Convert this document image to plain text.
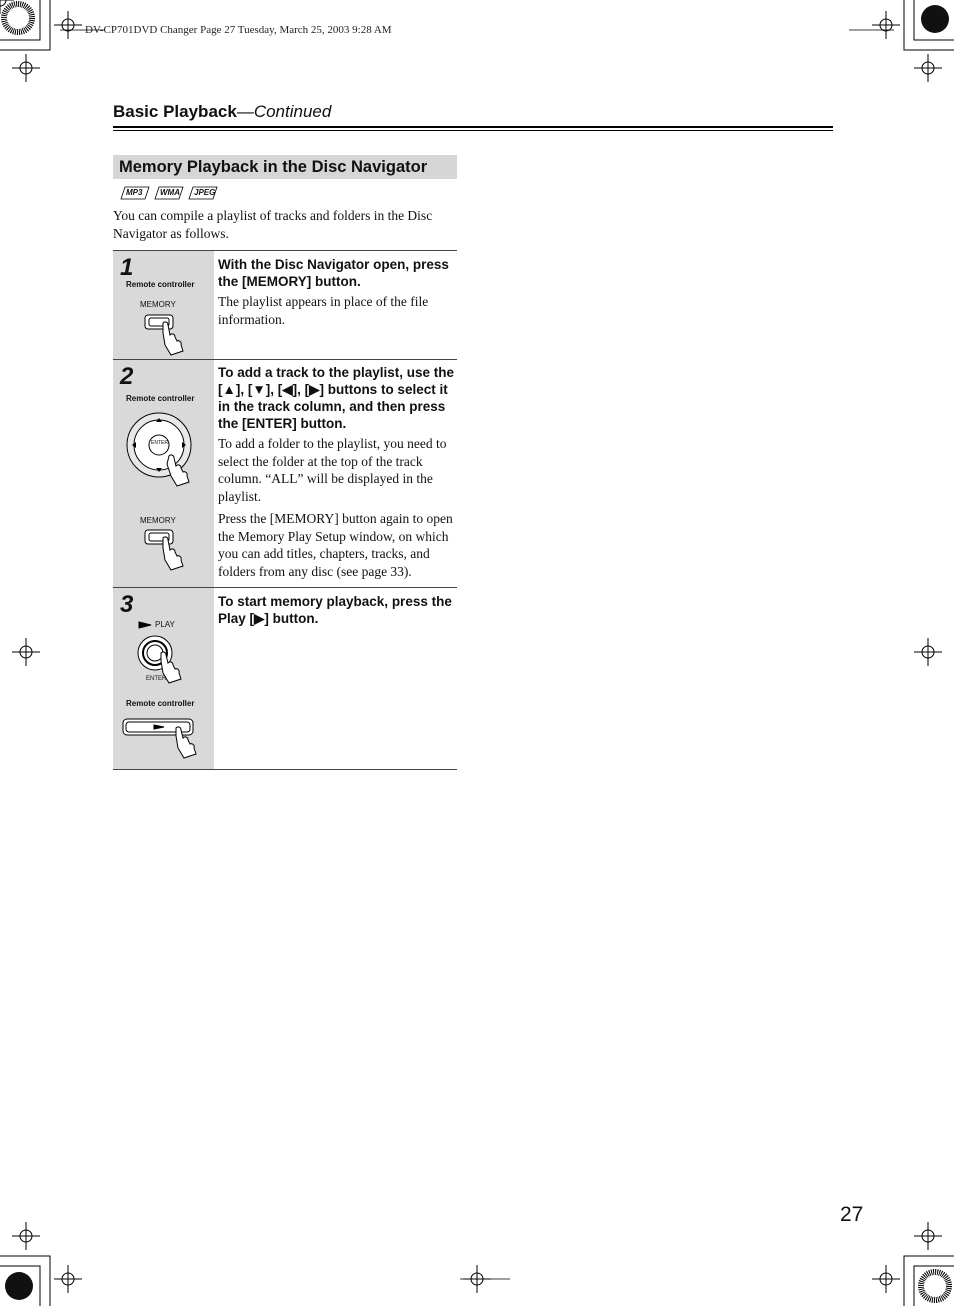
DV-CP701DVD Changer Page 27 Tuesday, March 25, 2003 9:28 AM
Basic Playback—Continued
Memory Playback in the Disc Navigator
MP3 WMA JPEG
You can compile a playlist of tracks and folders in the Disc Navigator as follows.
1
Remote controller
MEMORY
With the Disc Navigator open, press the [MEMORY] button.
The playlist appears in place of the file information.
2
Remote controller
ENTER
MEMORY
To add a track to the playlist, use the [▲], [▼], [◀], [▶] buttons to select it in the track column, and then press the [ENTER] button.
To add a folder to the playlist, you need to select the folder at the top of the track column. “ALL” will be displayed in the playlist.
Press the [MEMORY] button again to open the Memory Play Setup window, on which you can add titles, chapters, tracks, and folders from any disc (see page 33).
3
PLAY
ENTER
Remote controller
To start memory playback, press the Play [▶] button.
27
